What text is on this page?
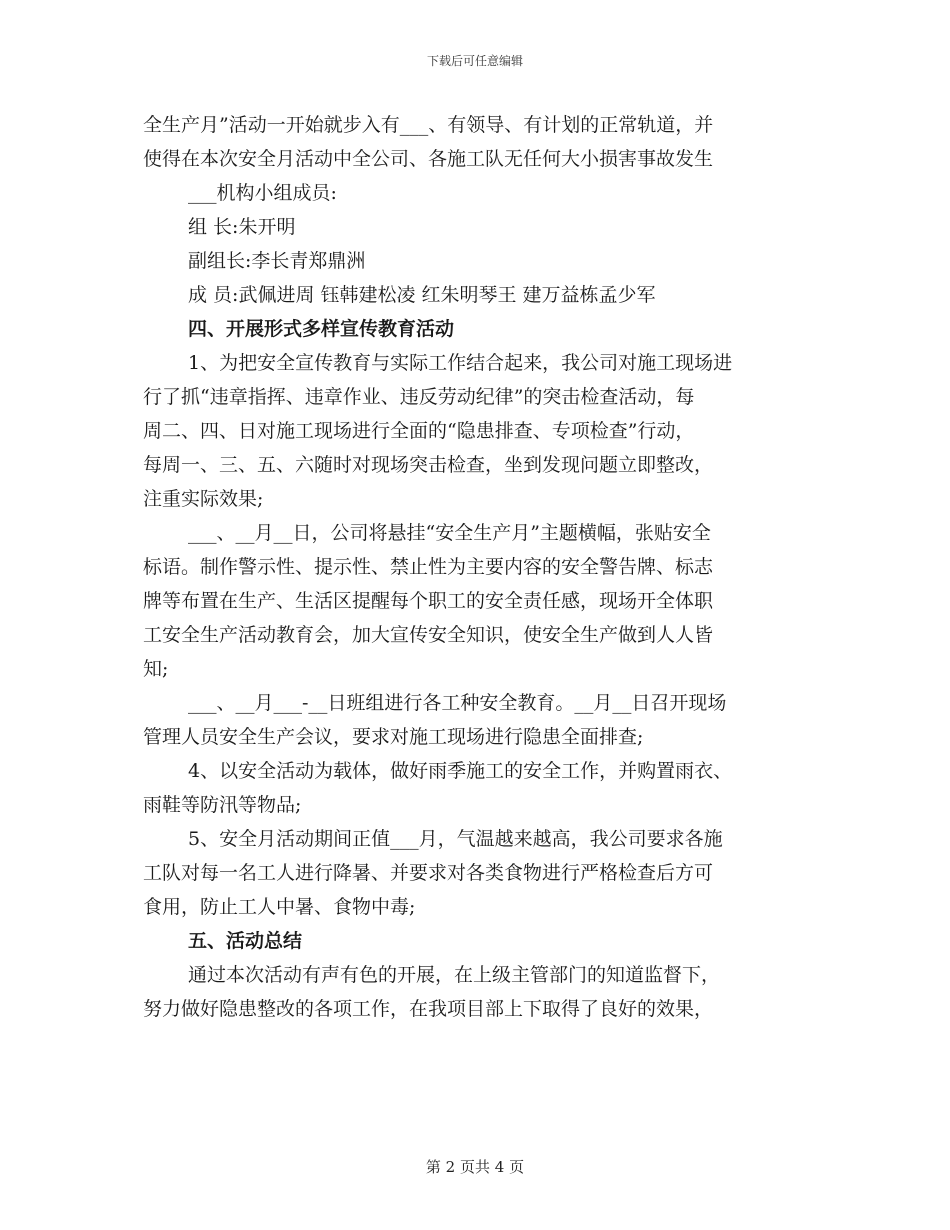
下载后可任意编辑

全生产月”活动一开始就步入有___、有领导、有计划的正常轨道，并

使得在本次安全月活动中全公司、各施工队无任何大小损害事故发生

___机构小组成员:

组 长:朱开明

副组长:李长青郑鼎洲

成 员:武佩进周 钰韩建松凌 红朱明琴王 建万益栋孟少军

四、开展形式多样宣传教育活动

1、为把安全宣传教育与实际工作结合起来，我公司对施工现场进

行了抓“违章指挥、违章作业、违反劳动纪律”的突击检查活动，每

周二、四、日对施工现场进行全面的“隐患排查、专项检查”行动，

每周一、三、五、六随时对现场突击检查，坐到发现问题立即整改，

注重实际效果;

___、__月__日，公司将悬挂“安全生产月”主题横幅，张贴安全

标语。制作警示性、提示性、禁止性为主要内容的安全警告牌、标志

牌等布置在生产、生活区提醒每个职工的安全责任感，现场开全体职

工安全生产活动教育会，加大宣传安全知识，使安全生产做到人人皆

知;

___、__月___-__日班组进行各工种安全教育。__月__日召开现场

管理人员安全生产会议，要求对施工现场进行隐患全面排查;

4、以安全活动为载体，做好雨季施工的安全工作，并购置雨衣、

雨鞋等防汛等物品;

5、安全月活动期间正值___月，气温越来越高，我公司要求各施

工队对每一名工人进行降暑、并要求对各类食物进行严格检查后方可

食用，防止工人中暑、食物中毒;

五、活动总结

通过本次活动有声有色的开展，在上级主管部门的知道监督下，

努力做好隐患整改的各项工作，在我项目部上下取得了良好的效果，

第 2 页共 4 页
